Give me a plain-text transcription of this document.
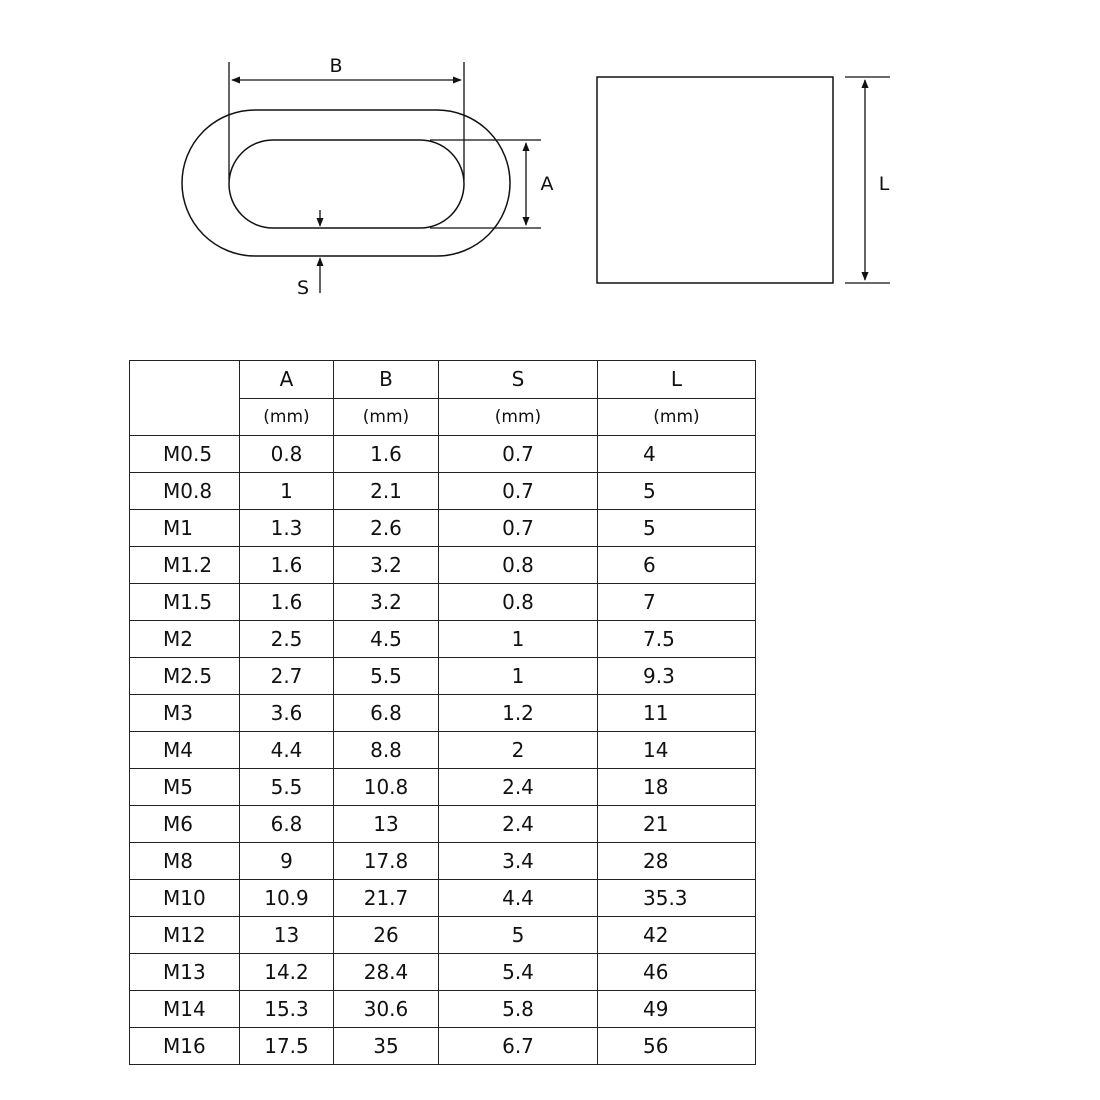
B
A
S
L
	A	B	S	L	
	(mm)	(mm)	(mm)	(mm)	
M0.5	0.8	1.6	0.7	4	
M0.8	1	2.1	0.7	5	
M1	1.3	2.6	0.7	5	
M1.2	1.6	3.2	0.8	6	
M1.5	1.6	3.2	0.8	7	
M2	2.5	4.5	1	7.5	
M2.5	2.7	5.5	1	9.3	
M3	3.6	6.8	1.2	11	
M4	4.4	8.8	2	14	
M5	5.5	10.8	2.4	18	
M6	6.8	13	2.4	21	
M8	9	17.8	3.4	28	
M10	10.9	21.7	4.4	35.3	
M12	13	26	5	42	
M13	14.2	28.4	5.4	46	
M14	15.3	30.6	5.8	49	
M16	17.5	35	6.7	56	
